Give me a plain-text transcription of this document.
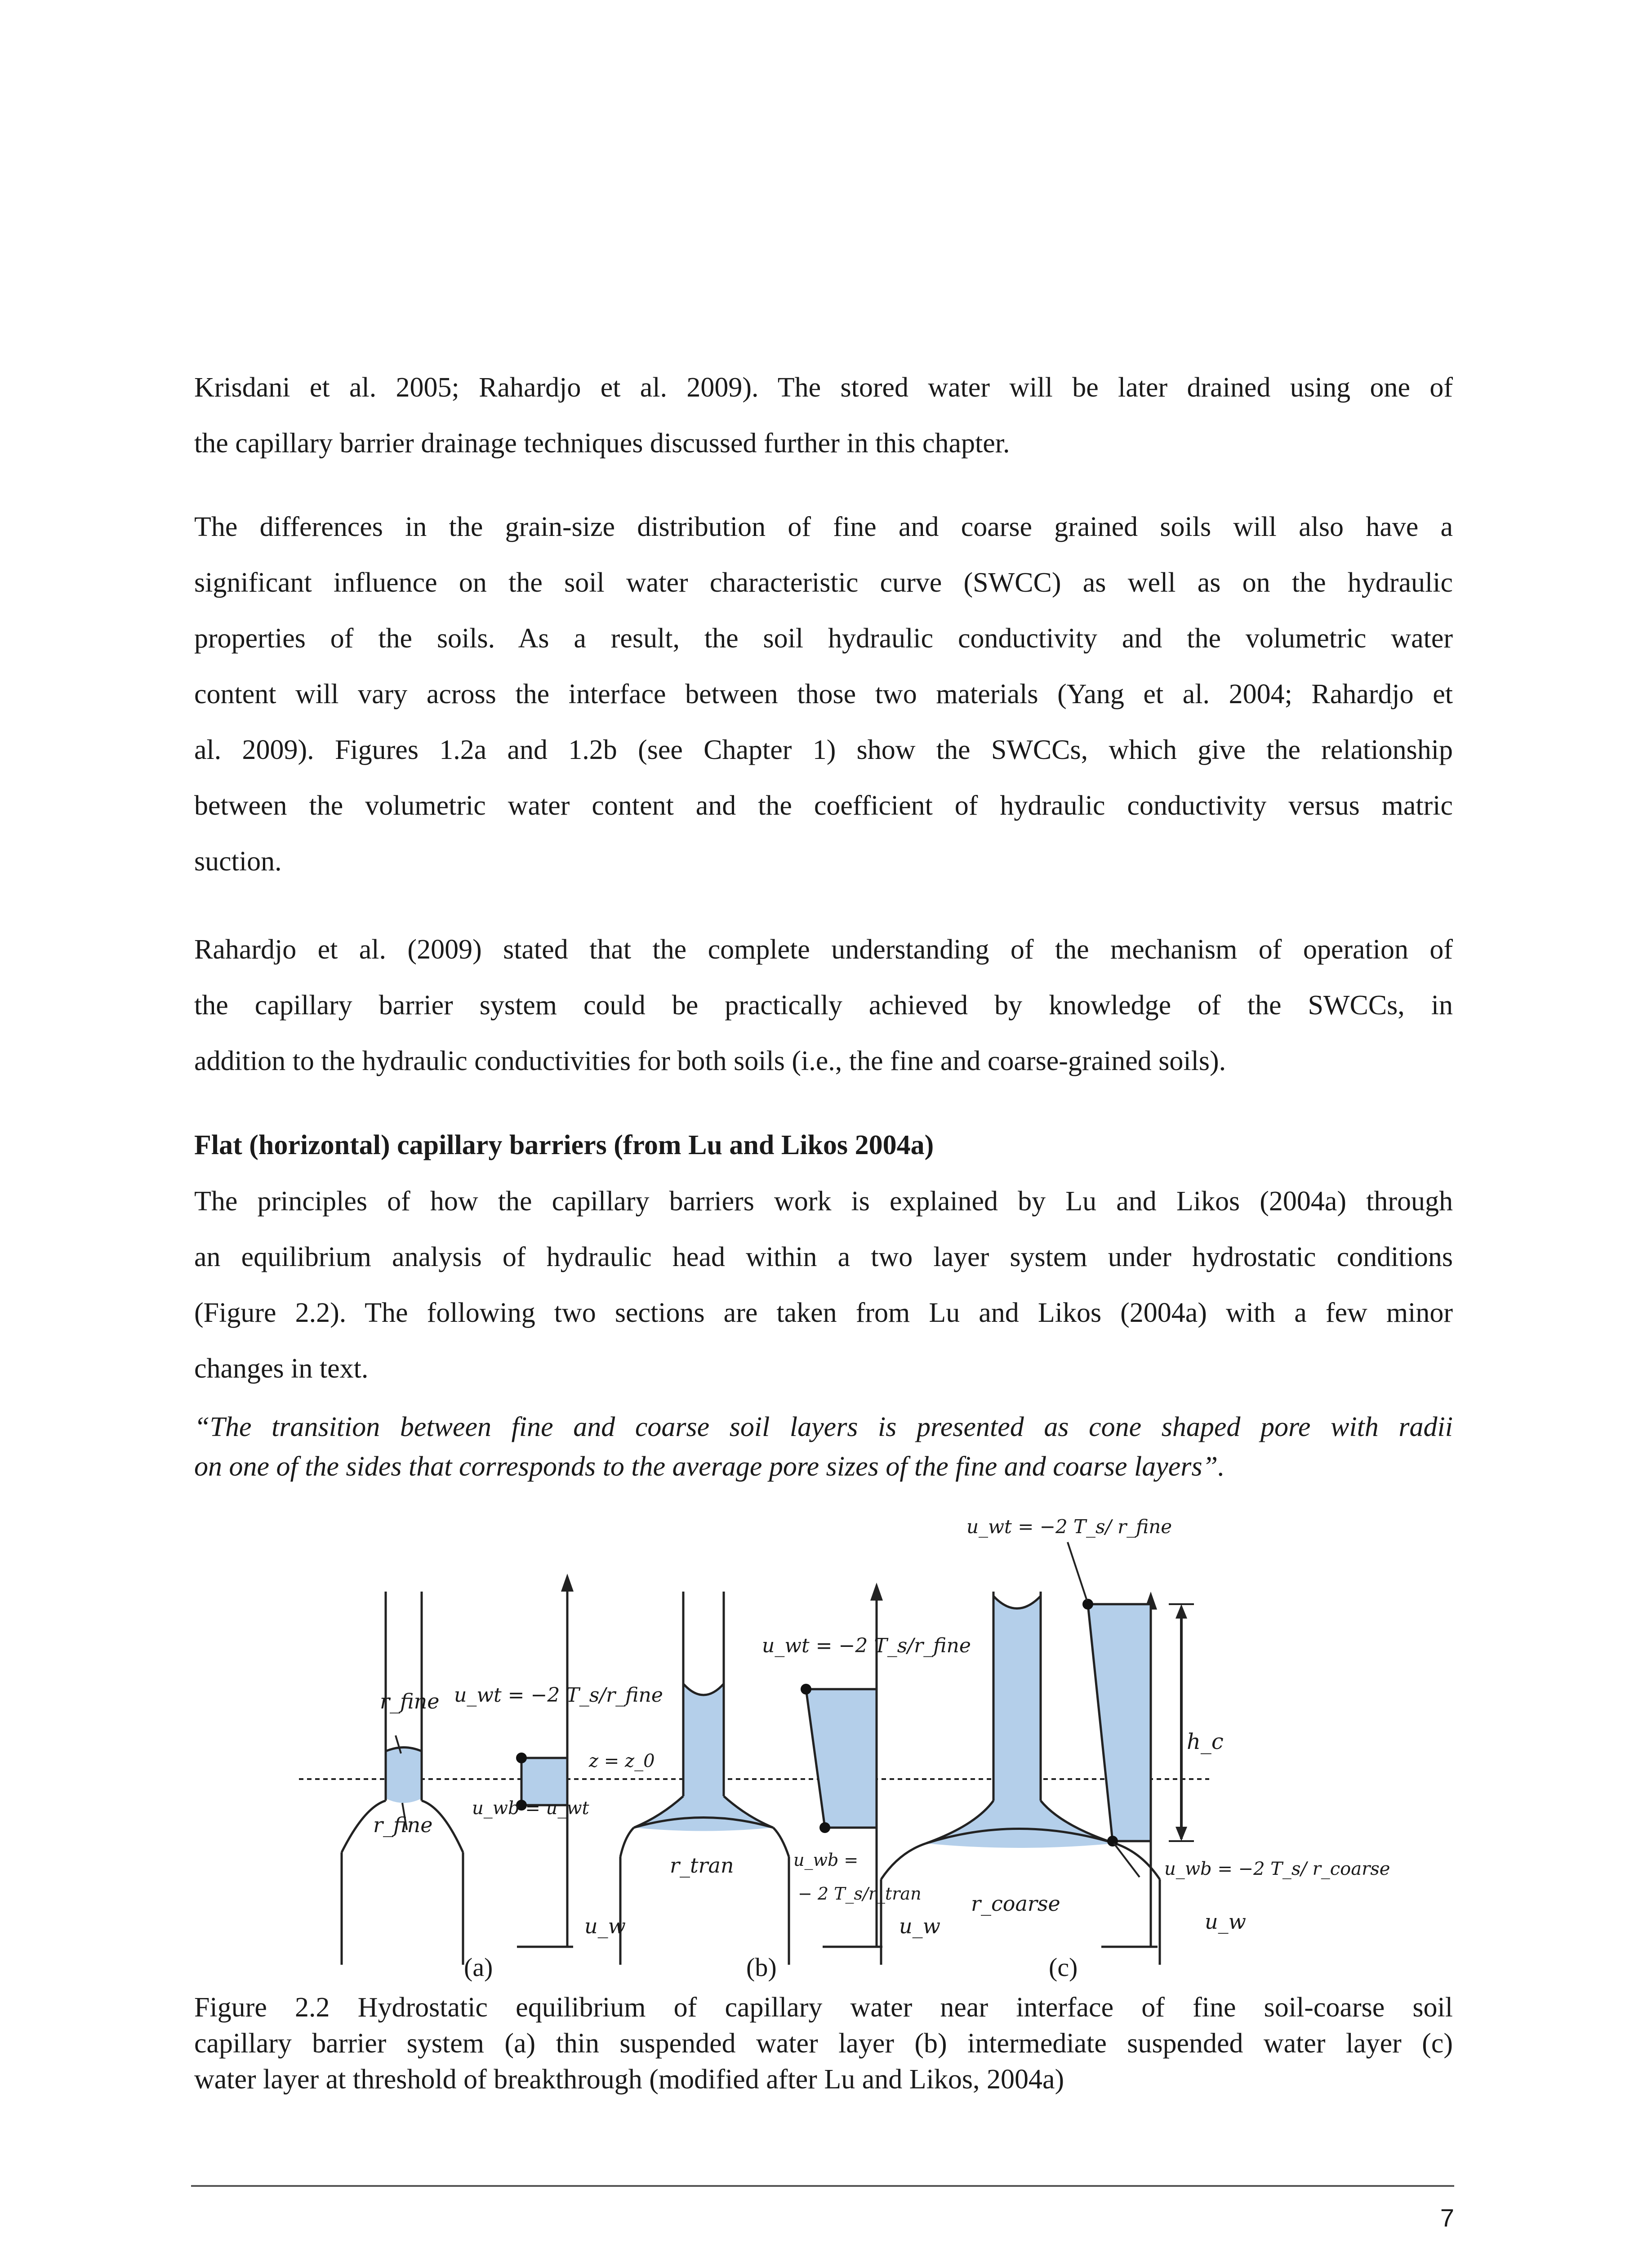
Krisdani et al. 2005; Rahardjo et al. 2009). The stored water will be later drained using one of
the capillary barrier drainage techniques discussed further in this chapter.

The differences in the grain-size distribution of fine and coarse grained soils will also have a
significant influence on the soil water characteristic curve (SWCC) as well as on the hydraulic
properties of the soils. As a result, the soil hydraulic conductivity and the volumetric water
content will vary across the interface between those two materials (Yang et al. 2004; Rahardjo et
al. 2009). Figures 1.2a and 1.2b (see Chapter 1) show the SWCCs, which give the relationship
between the volumetric water content and the coefficient of hydraulic conductivity versus matric
suction.

Rahardjo et al. (2009) stated that the complete understanding of the mechanism of operation of
the capillary barrier system could be practically achieved by knowledge of the SWCCs, in
addition to the hydraulic conductivities for both soils (i.e., the fine and coarse-grained soils).

Flat (horizontal) capillary barriers (from Lu and Likos 2004a)

The principles of how the capillary barriers work is explained by Lu and Likos (2004a) through
an equilibrium analysis of hydraulic head within a two layer system under hydrostatic conditions
(Figure 2.2). The following two sections are taken from Lu and Likos (2004a) with a few minor
changes in text.

“The transition between fine and coarse soil layers is presented as cone shaped pore with radii
on one of the sides that corresponds to the average pore sizes of the fine and coarse layers”.

r_fine
r_fine
u_wt = −2 T_s/r_fine
u_wb = u_wt
z = z_0
u_w
r_tran
u_wt = −2 T_s/r_fine
u_wb =
− 2 T_s/r_tran
u_w
u_wt = −2 T_s/ r_fine
h_c
r_coarse
u_wb = −2 T_s/ r_coarse
u_w
(a)	(b)	(c)

Figure 2.2 Hydrostatic equilibrium of capillary water near interface of fine soil-coarse soil
capillary barrier system (a) thin suspended water layer (b) intermediate suspended water layer (c)
water layer at threshold of breakthrough (modified after Lu and Likos, 2004a)

7
